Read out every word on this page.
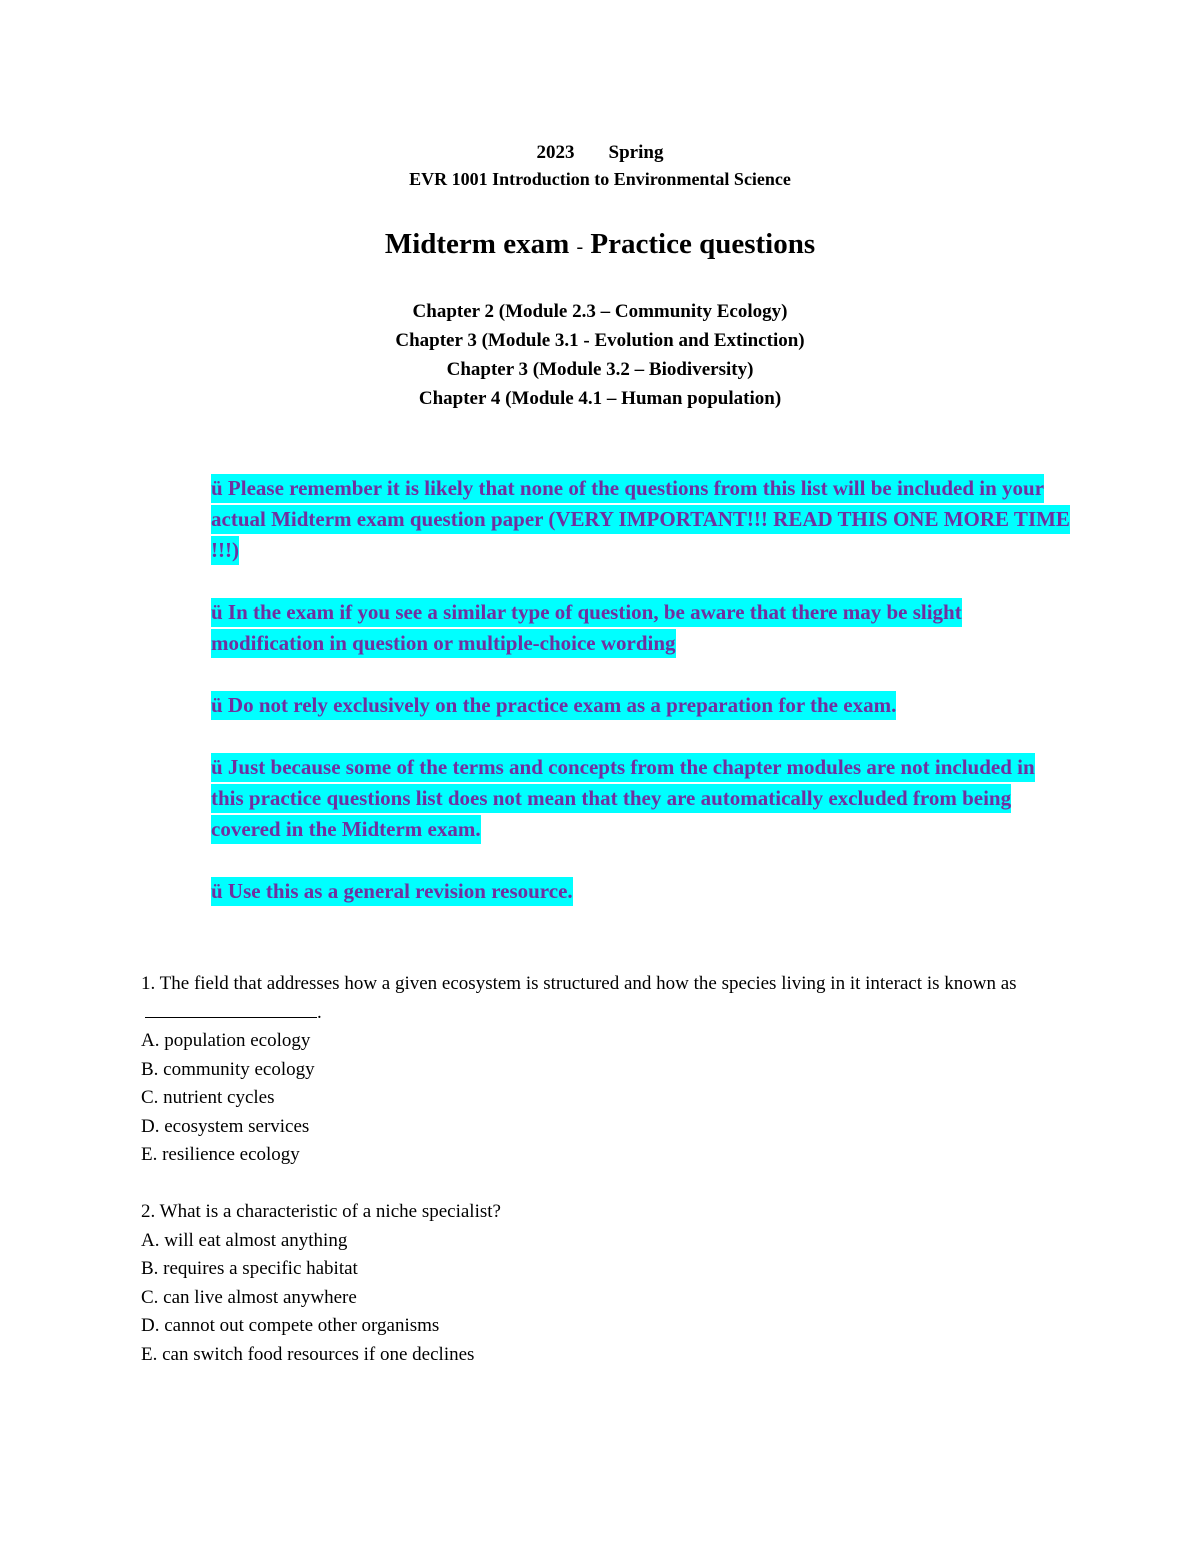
2023 Spring
EVR 1001 Introduction to Environmental Science
Midterm exam - Practice questions
Chapter 2 (Module 2.3 – Community Ecology)
Chapter 3 (Module 3.1 - Evolution and Extinction)
Chapter 3 (Module 3.2 – Biodiversity)
Chapter 4 (Module 4.1 – Human population)

ü Please remember it is likely that none of the questions from this list will be included in your actual Midterm exam question paper (VERY IMPORTANT!!! READ THIS ONE MORE TIME !!!)

ü In the exam if you see a similar type of question, be aware that there may be slight modification in question or multiple-choice wording

ü Do not rely exclusively on the practice exam as a preparation for the exam.

ü Just because some of the terms and concepts from the chapter modules are not included in this practice questions list does not mean that they are automatically excluded from being covered in the Midterm exam.

ü Use this as a general revision resource.

1. The field that addresses how a given ecosystem is structured and how the species living in it interact is known as.

A. population ecology

B. community ecology

C. nutrient cycles

D. ecosystem services

E. resilience ecology

2. What is a characteristic of a niche specialist?

A. will eat almost anything

B. requires a specific habitat

C. can live almost anywhere

D. cannot out compete other organisms

E. can switch food resources if one declines
